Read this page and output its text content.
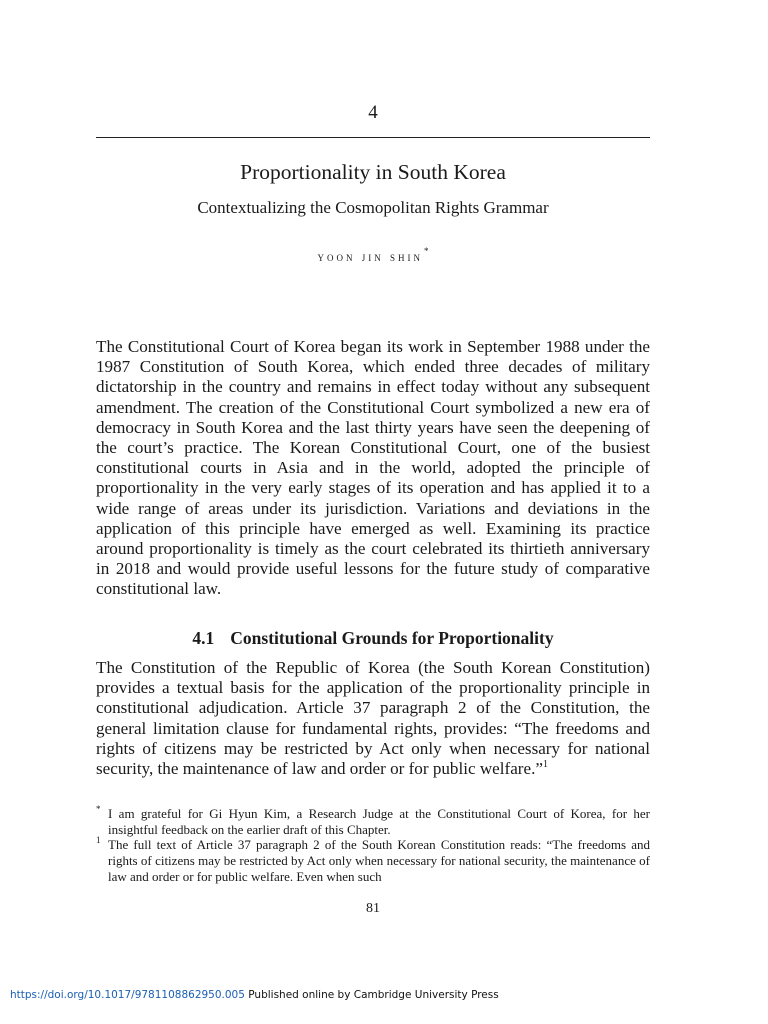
4
Proportionality in South Korea
Contextualizing the Cosmopolitan Rights Grammar
yoon jin shin*

The Constitutional Court of Korea began its work in September 1988 under the 1987 Constitution of South Korea, which ended three decades of military dictatorship in the country and remains in effect today without any subsequent amendment. The creation of the Constitutional Court symbolized a new era of democracy in South Korea and the last thirty years have seen the deepening of the court’s practice. The Korean Constitutional Court, one of the busiest constitutional courts in Asia and in the world, adopted the principle of proportionality in the very early stages of its operation and has applied it to a wide range of areas under its jurisdiction. Variations and deviations in the application of this principle have emerged as well. Examining its practice around proportionality is timely as the court celebrated its thirtieth anniversary in 2018 and would provide useful lessons for the future study of comparative constitutional law.

4.1 Constitutional Grounds for Proportionality

The Constitution of the Republic of Korea (the South Korean Constitution) provides a textual basis for the application of the proportionality principle in constitutional adjudication. Article 37 paragraph 2 of the Constitution, the general limitation clause for fundamental rights, provides: “The freedoms and rights of citizens may be restricted by Act only when necessary for national security, the maintenance of law and order or for public welfare.”$^1$

* I am grateful for Gi Hyun Kim, a Research Judge at the Constitutional Court of Korea, for her insightful feedback on the earlier draft of this Chapter.

1 The full text of Article 37 paragraph 2 of the South Korean Constitution reads: “The freedoms and rights of citizens may be restricted by Act only when necessary for national security, the maintenance of law and order or for public welfare. Even when such

81
https://doi.org/10.1017/9781108862950.005 Published online by Cambridge University Press
